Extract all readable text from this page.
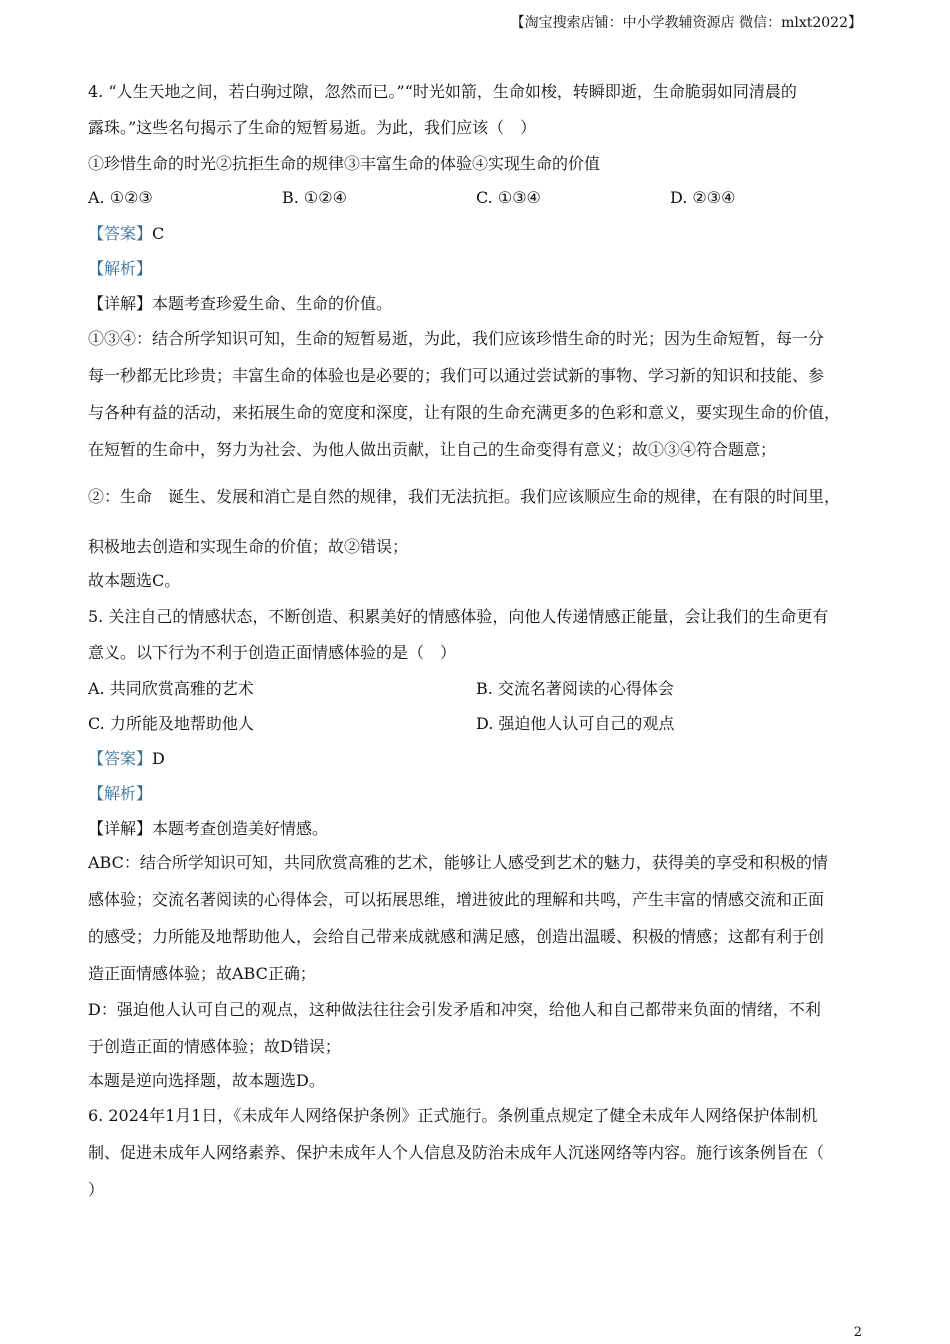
【淘宝搜索店铺：中小学教辅资源店 微信：mlxt2022】
4. “人生天地之间，若白驹过隙，忽然而已。”“时光如箭，生命如梭，转瞬即逝，生命脆弱如同清晨的
露珠。”这些名句揭示了生命的短暂易逝。为此，我们应该（　）
①珍惜生命的时光②抗拒生命的规律③丰富生命的体验④实现生命的价值
A. ①②③	B. ①②④	C. ①③④	D. ②③④
【答案】C
【解析】
【详解】本题考查珍爱生命、生命的价值。
①③④：结合所学知识可知，生命的短暂易逝，为此，我们应该珍惜生命的时光；因为生命短暂，每一分
每一秒都无比珍贵；丰富生命的体验也是必要的；我们可以通过尝试新的事物、学习新的知识和技能、参
与各种有益的活动，来拓展生命的宽度和深度，让有限的生命充满更多的色彩和意义，要实现生命的价值，
在短暂的生命中，努力为社会、为他人做出贡献，让自己的生命变得有意义；故①③④符合题意；
②：生命　诞生、发展和消亡是自然的规律，我们无法抗拒。我们应该顺应生命的规律，在有限的时间里，
积极地去创造和实现生命的价值；故②错误；
故本题选C。
5. 关注自己的情感状态，不断创造、积累美好的情感体验，向他人传递情感正能量，会让我们的生命更有
意义。以下行为不利于创造正面情感体验的是（　）
A. 共同欣赏高雅的艺术	B. 交流名著阅读的心得体会
C. 力所能及地帮助他人	D. 强迫他人认可自己的观点
【答案】D
【解析】
【详解】本题考查创造美好情感。
ABC：结合所学知识可知，共同欣赏高雅的艺术，能够让人感受到艺术的魅力，获得美的享受和积极的情
感体验；交流名著阅读的心得体会，可以拓展思维，增进彼此的理解和共鸣，产生丰富的情感交流和正面
的感受；力所能及地帮助他人，会给自己带来成就感和满足感，创造出温暖、积极的情感；这都有利于创
造正面情感体验；故ABC正确；
D：强迫他人认可自己的观点，这种做法往往会引发矛盾和冲突，给他人和自己都带来负面的情绪，不利
于创造正面的情感体验；故D错误；
本题是逆向选择题，故本题选D。
6. 2024年1月1日，《未成年人网络保护条例》正式施行。条例重点规定了健全未成年人网络保护体制机
制、促进未成年人网络素养、保护未成年人个人信息及防治未成年人沉迷网络等内容。施行该条例旨在（
）
2
